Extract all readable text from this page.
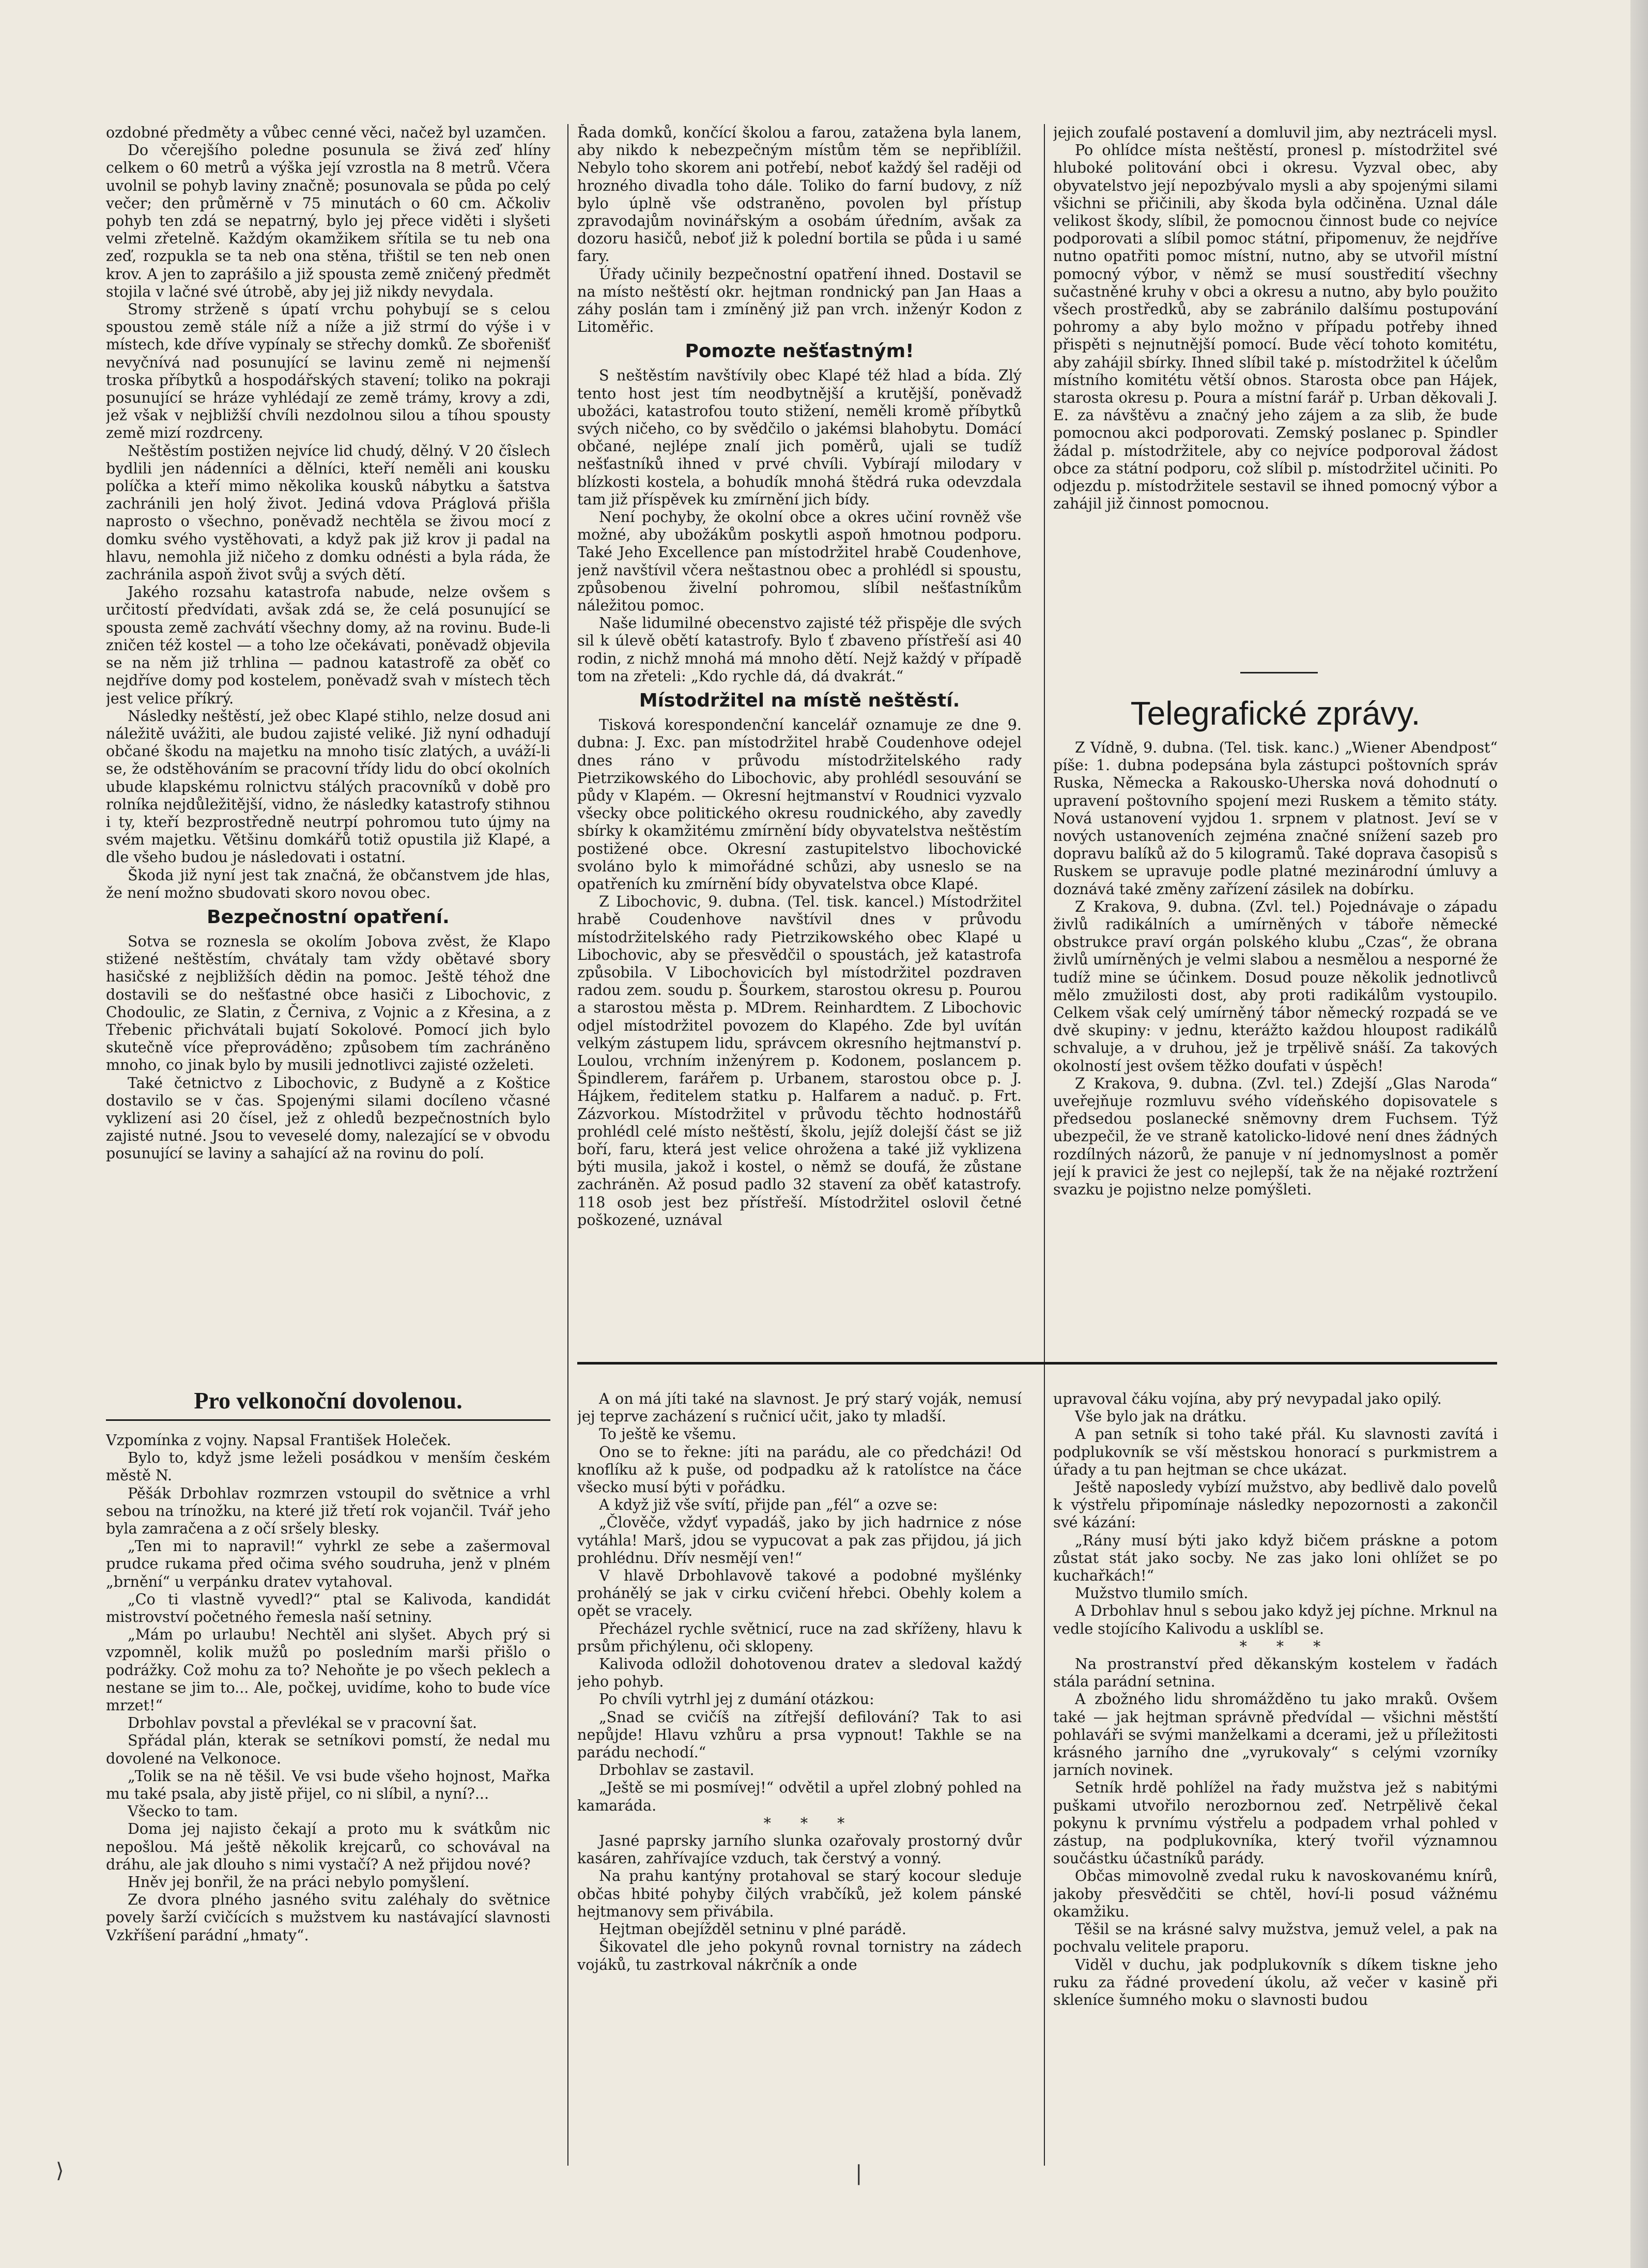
ozdobné předměty a vůbec cenné věci, načež byl uzamčen.

Do včerejšího poledne posunula se živá zeď hlíny celkem o 60 metrů a výška její vzrostla na 8 metrů. Včera uvolnil se pohyb laviny značně; posunovala se půda po celý večer; den průměrně v 75 minutách o 60 cm. Ačkoliv pohyb ten zdá se nepatrný, bylo jej přece viděti i slyšeti velmi zřetelně. Každým okamžikem sřítila se tu neb ona zeď, rozpukla se ta neb ona stěna, třištil se ten neb onen krov. A jen to zaprášilo a již spousta země zničený předmět stojila v lačné své útrobě, aby jej již nikdy nevydala.

Stromy strženě s úpatí vrchu pohybují se s celou spoustou země stále níž a níže a již strmí do výše i v místech, kde dříve vypínaly se střechy domků. Ze sbořenišť nevyčnívá nad posunující se lavinu země ni nejmenší troska příbytků a hospodářských stavení; toliko na pokraji posunující se hráze vyhlédají ze země trámy, krovy a zdi, jež však v nejbližší chvíli nezdolnou silou a tíhou spousty země mizí rozdrceny.

Neštěstím postižen nejvíce lid chudý, dělný. V 20 čîslech bydlili jen nádenníci a dělníci, kteří neměli ani kousku políčka a kteří mimo několika kousků nábytku a šatstva zachránili jen holý život. Jediná vdova Práglová přišla naprosto o všechno, poněvadž nechtěla se živou mocí z domku svého vystěhovati, a když pak již krov ji padal na hlavu, nemohla již ničeho z domku odnésti a byla ráda, že zachránila aspoň život svůj a svých dětí.

Jakého rozsahu katastrofa nabude, nelze ovšem s určitostí předvídati, avšak zdá se, že celá posunující se spousta země zachvátí všechny domy, až na rovinu. Bude-li zničen též kostel — a toho lze očekávati, poněvadž objevila se na něm již trhlina — padnou katastrofě za oběť co nejdříve domy pod kostelem, poněvadž svah v místech těch jest velice příkrý.

Následky neštěstí, jež obec Klapé stihlo, nelze dosud ani náležitě uvážiti, ale budou zajisté veliké. Již nyní odhadují občané škodu na majetku na mnoho tisíc zlatých, a uváží-li se, že odstěhováním se pracovní třídy lidu do obcí okolních ubude klapskému rolnictvu stálých pracovníků v době pro rolníka nejdůležitější, vidno, že následky katastrofy stihnou i ty, kteří bezprostředně neutrpí pohromou tuto újmy na svém majetku. Většinu domkářů totiž opustila již Klapé, a dle všeho budou je následovati i ostatní.

Škoda již nyní jest tak značná, že občanstvem jde hlas, že není možno sbudovati skoro novou obec.

Bezpečnostní opatření.

Sotva se roznesla se okolím Jobova zvěst, že Klapo stižené neštěstím, chvátaly tam vždy obětavé sbory hasičské z nejbližších dědin na pomoc. Ještě téhož dne dostavili se do nešťastné obce hasiči z Libochovic, z Chodoulic, ze Slatin, z Černiva, z Vojnic a z Křesina, a z Třebenic přichvátali bujatí Sokolové. Pomocí jich bylo skutečně více přeprováděno; způsobem tím zachráněno mnoho, co jinak bylo by musili jednotlivci zajisté ozželeti.

Také četnictvo z Libochovic, z Budyně a z Koštice dostavilo se v čas. Spojenými silami docíleno včasné vyklizení asi 20 čísel, jež z ohledů bezpečnostních bylo zajisté nutné. Jsou to veveselé domy, nalezající se v obvodu posunující se laviny a sahající až na rovinu do polí.

Řada domků, končící školou a farou, zatažena byla lanem, aby nikdo k nebezpečným místům těm se nepřiblížil. Nebylo toho skorem ani potřebí, neboť každý šel raději od hrozného divadla toho dále. Toliko do farní budovy, z níž bylo úplně vše odstraněno, povolen byl přístup zpravodajům novinářským a osobám úředním, avšak za dozoru hasičů, neboť již k polední bortila se půda i u samé fary.

Úřady učinily bezpečnostní opatření ihned. Dostavil se na místo neštěstí okr. hejtman rondnický pan Jan Haas a záhy poslán tam i zmíněný již pan vrch. inženýr Kodon z Litoměřic.

Pomozte nešťastným!

S neštěstím navštívily obec Klapé též hlad a bída. Zlý tento host jest tím neodbytnější a krutější, poněvadž ubožáci, katastrofou touto stižení, neměli kromě příbytků svých ničeho, co by svědčilo o jakémsi blahobytu. Domácí občané, nejlépe znalí jich poměrů, ujali se tudíž nešťastníků ihned v prvé chvíli. Vybírají milodary v blízkosti kostela, a bohudík mnohá štědrá ruka odevzdala tam již příspěvek ku zmírnění jich bídy.

Není pochyby, že okolní obce a okres učiní rovněž vše možné, aby ubožákům poskytli aspoň hmotnou podporu. Také Jeho Excellence pan místodržitel hrabě Coudenhove, jenž navštívil včera neštastnou obec a prohlédl si spoustu, způsobenou živelní pohromou, slíbil nešťastníkům náležitou pomoc.

Naše lidumilné obecenstvo zajisté též přispěje dle svých sil k úlevě obětí katastrofy. Bylo ť zbaveno přístřeší asi 40 rodin, z nichž mnohá má mnoho dětí. Nejž každý v případě tom na zřeteli: „Kdo rychle dá, dá dvakrát.“

Místodržitel na místě neštěstí.

Tisková korespondenční kancelář oznamuje ze dne 9. dubna: J. Exc. pan místodržitel hrabě Coudenhove odejel dnes ráno v průvodu místodržitelského rady Pietrzikowského do Libochovic, aby prohlédl sesouvání se půdy v Klapém. — Okresní hejtmanství v Roudnici vyzvalo všecky obce politického okresu roudnického, aby zavedly sbírky k okamžitému zmírnění bídy obyvatelstva neštěstím postižené obce. Okresní zastupitelstvo libochovické svoláno bylo k mimořádné schůzi, aby usneslo se na opatřeních ku zmírnění bídy obyvatelstva obce Klapé.

Z Libochovic, 9. dubna. (Tel. tisk. kancel.) Místodržitel hrabě Coudenhove navštívil dnes v průvodu místodržitelského rady Pietrzikowského obec Klapé u Libochovic, aby se přesvědčil o spoustách, jež katastrofa způsobila. V Libochovicích byl místodržitel pozdraven radou zem. soudu p. Šourkem, starostou okresu p. Pourou a starostou města p. MDrem. Reinhardtem. Z Libochovic odjel místodržitel povozem do Klapého. Zde byl uvítán velkým zástupem lidu, správcem okresního hejtmanství p. Loulou, vrchním inženýrem p. Kodonem, poslancem p. Špindlerem, farářem p. Urbanem, starostou obce p. J. Hájkem, ředitelem statku p. Halfarem a naduč. p. Frt. Zázvorkou. Místodržitel v průvodu těchto hodnostářů prohlédl celé místo neštěstí, školu, jejíž dolejší část se již boří, faru, která jest velice ohrožena a také již vyklizena býti musila, jakož i kostel, o němž se doufá, že zůstane zachráněn. Až posud padlo 32 stavení za oběť katastrofy. 118 osob jest bez přístřeší. Místodržitel oslovil četné poškozené, uznával

jejich zoufalé postavení a domluvil jim, aby neztráceli mysl.

Po ohlídce místa neštěstí, pronesl p. místodržitel své hluboké politování obci i okresu. Vyzval obec, aby obyvatelstvo její nepozbývalo mysli a aby spojenými silami všichni se přičinili, aby škoda byla odčiněna. Uznal dále velikost škody, slíbil, že pomocnou činnost bude co nejvíce podporovati a slíbil pomoc státní, připomenuv, že nejdříve nutno opatřiti pomoc místní, nutno, aby se utvořil místní pomocný výbor, v němž se musí soustředití všechny sučastněné kruhy v obci a okresu a nutno, aby bylo použito všech prostředků, aby se zabránilo dalšímu postupování pohromy a aby bylo možno v případu potřeby ihned přispěti s nejnutnější pomocí. Bude věcí tohoto komitétu, aby zahájil sbírky. Ihned slíbil také p. místodržitel k účelům místního komitétu větší obnos. Starosta obce pan Hájek, starosta okresu p. Poura a místní farář p. Urban děkovali J. E. za návštěvu a značný jeho zájem a za slib, že bude pomocnou akci podporovati. Zemský poslanec p. Spindler žádal p. místodržitele, aby co nejvíce podporoval žádost obce za státní podporu, což slíbil p. místodržitel učiniti. Po odjezdu p. místodržitele sestavil se ihned pomocný výbor a zahájil již činnost pomocnou.

Telegrafické zprávy.

Z Vídně, 9. dubna. (Tel. tisk. kanc.) „Wiener Abendpost“ píše: 1. dubna podepsána byla zástupci poštovních správ Ruska, Německa a Rakousko-Uherska nová dohodnutí o upravení poštovního spojení mezi Ruskem a těmito státy. Nová ustanovení vyjdou 1. srpnem v platnost. Jeví se v nových ustanoveních zejména značné snížení sazeb pro dopravu balíků až do 5 kilogramů. Také doprava časopisů s Ruskem se upravuje podle platné mezinárodní úmluvy a doznává také změny zařízení zásilek na dobírku.

Z Krakova, 9. dubna. (Zvl. tel.) Pojednávaje o západu živlů radikálních a umírněných v táboře německé obstrukce praví orgán polského klubu „Czas“, že obrana živlů umírněných je velmi slabou a nesmělou a nesporné že tudíž mine se účinkem. Dosud pouze několik jednotlivců mělo zmužilosti dost, aby proti radikálům vystoupilo. Celkem však celý umírněný tábor německý rozpadá se ve dvě skupiny: v jednu, kterážto každou hloupost radikálů schvaluje, a v druhou, jež je trpělivě snáší. Za takových okolností jest ovšem těžko doufati v úspěch!

Z Krakova, 9. dubna. (Zvl. tel.) Zdejší „Glas Naroda“ uveřejňuje rozmluvu svého vídeňského dopisovatele s předsedou poslanecké sněmovny drem Fuchsem. Týž ubezpečil, že ve straně katolicko-lidové není dnes žádných rozdílných názorů, že panuje v ní jednomyslnost a poměr její k pravici že jest co nejlepší, tak že na nějaké roztržení svazku je pojistno nelze pomýšleti.

Pro velkonoční dovolenou.

Vzpomínka z vojny. Napsal František Holeček.

Bylo to, když jsme leželi posádkou v menším českém městě N.

Pěšák Drbohlav rozmrzen vstoupil do světnice a vrhl sebou na trínožku, na které již třetí rok vojančil. Tvář jeho byla zamračena a z očí sršely blesky.

„Ten mi to napravil!“ vyhrkl ze sebe a zašermoval prudce rukama před očima svého soudruha, jenž v plném „brnění“ u verpánku dratev vytahoval.

„Co ti vlastně vyvedl?“ ptal se Kalivoda, kandidát mistrovství početného řemesla naší setniny.

„Mám po urlaubu! Nechtěl ani slyšet. Abych prý si vzpomněl, kolik mužů po posledním marši přišlo o podrážky. Což mohu za to? Nehoňte je po všech peklech a nestane se jim to... Ale, počkej, uvidíme, koho to bude více mrzet!“

Drbohlav povstal a převlékal se v pracovní šat.

Spřádal plán, kterak se setníkovi pomstí, že nedal mu dovolené na Velkonoce.

„Tolik se na ně těšil. Ve vsi bude všeho hojnost, Mařka mu také psala, aby jistě přijel, co ni slíbil, a nyní?...

Všecko to tam.

Doma jej najisto čekají a proto mu k svátkům nic nepošlou. Má ještě několik krejcarů, co schovával na dráhu, ale jak dlouho s nimi vystačí? A než přijdou nové?

Hněv jej bonřil, že na práci nebylo pomyšlení.

Ze dvora plného jasného svitu zaléhaly do světnice povely šarží cvičících s mužstvem ku nastávající slavnosti Vzkříšení parádní „hmaty“.

A on má jíti také na slavnost. Je prý starý voják, nemusí jej teprve zacházení s ručnicí učit, jako ty mladší.

To ještě ke všemu.

Ono se to řekne: jíti na parádu, ale co předcházi! Od knoflíku až k puše, od podpadku až k ratolístce na čáce všecko musí býti v pořádku.

A když již vše svítí, přijde pan „fél“ a ozve se:

„Člověče, vždyť vypadáš, jako by jich hadrnice z nóse vytáhla! Marš, jdou se vypucovat a pak zas přijdou, já jich prohlédnu. Dřív nesmějí ven!“

V hlavě Drbohlavově takové a podobné myšlénky prohánělý se jak v cirku cvičení hřebci. Obehly kolem a opět se vracely.

Přecházel rychle světnicí, ruce na zad skříženy, hlavu k prsům přichýlenu, oči sklopeny.

Kalivoda odložil dohotovenou dratev a sledoval každý jeho pohyb.

Po chvíli vytrhl jej z dumání otázkou:

„Snad se cvičíš na zítřejší defilování? Tak to asi nepůjde! Hlavu vzhůru a prsa vypnout! Takhle se na parádu nechodí.“

Drbohlav se zastavil.

„Ještě se mi posmívej!“ odvětil a upřel zlobný pohled na kamaráda.

* * *

Jasné paprsky jarního slunka ozařovaly prostorný dvůr kasáren, zahřívajíce vzduch, tak čerstvý a vonný.

Na prahu kantýny protahoval se starý kocour sleduje občas hbité pohyby čilých vrabčíků, jež kolem pánské hejtmanovy sem přivábila.

Hejtman obejížděl setninu v plné parádě.

Šikovatel dle jeho pokynů rovnal tornistry na zádech vojáků, tu zastrkoval nákrčník a onde

upravoval čáku vojína, aby prý nevypadal jako opilý.

Vše bylo jak na drátku.

A pan setník si toho také přál. Ku slavnosti zavítá i podplukovník se vší městskou honorací s purkmistrem a úřady a tu pan hejtman se chce ukázat.

Ještě naposledy vybízí mužstvo, aby bedlivě dalo povelů k výstřelu připomínaje následky nepozornosti a zakončil své kázání:

„Rány musí býti jako když bičem práskne a potom zůstat stát jako socby. Ne zas jako loni ohlížet se po kuchařkách!“

Mužstvo tlumilo smích.

A Drbohlav hnul s sebou jako když jej píchne. Mrknul na vedle stojícího Kalivodu a usklíbl se.

* * *

Na prostranství před děkanským kostelem v řadách stála parádní setnina.

A zbožného lidu shromážděno tu jako mraků. Ovšem také — jak hejtman správně předvídal — všichni městští pohlaváři se svými manželkami a dcerami, jež u příležitosti krásného jarního dne „vyrukovaly“ s celými vzorníky jarních novinek.

Setník hrdě pohlížel na řady mužstva jež s nabitými puškami utvořilo nerozbornou zeď. Netrpělivě čekal pokynu k prvnímu výstřelu a podpadem vrhal pohled v zástup, na podplukovníka, který tvořil významnou součástku účastníků parády.

Občas mimovolně zvedal ruku k navoskovanému knírů, jakoby přesvědčiti se chtěl, hoví-li posud vážnému okamžiku.

Těšil se na krásné salvy mužstva, jemuž velel, a pak na pochvalu velitele praporu.

Viděl v duchu, jak podplukovník s díkem tiskne jeho ruku za řádné provedení úkolu, až večer v kasině při skleníce šumného moku o slavnosti budou

⟩	|
